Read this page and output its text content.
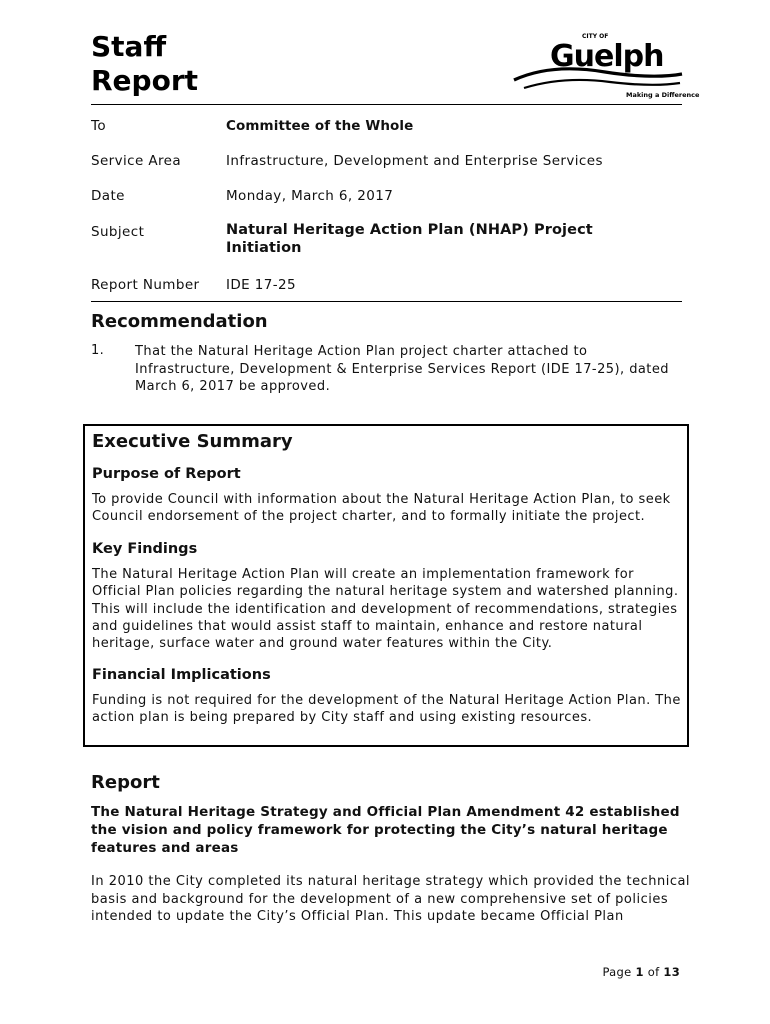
Staff
Report
CITY OF
Guelph
Making a Difference
To	Committee of the Whole
Service Area	Infrastructure, Development and Enterprise Services
Date	Monday, March 6, 2017
Subject	Natural Heritage Action Plan (NHAP) Project
Initiation
Report Number IDE 17-25
Recommendation
1. That the Natural Heritage Action Plan project charter attached to Infrastructure, Development & Enterprise Services Report (IDE 17-25), dated March 6, 2017 be approved.

Executive Summary
Purpose of Report

To provide Council with information about the Natural Heritage Action Plan, to seek Council endorsement of the project charter, and to formally initiate the project.

Key Findings

The Natural Heritage Action Plan will create an implementation framework for Official Plan policies regarding the natural heritage system and watershed planning. This will include the identification and development of recommendations, strategies and guidelines that would assist staff to maintain, enhance and restore natural heritage, surface water and ground water features within the City.

Financial Implications

Funding is not required for the development of the Natural Heritage Action Plan. The action plan is being prepared by City staff and using existing resources.

Report

The Natural Heritage Strategy and Official Plan Amendment 42 established the vision and policy framework for protecting the City’s natural heritage features and areas

In 2010 the City completed its natural heritage strategy which provided the technical basis and background for the development of a new comprehensive set of policies intended to update the City’s Official Plan. This update became Official Plan

Page 1 of 13
